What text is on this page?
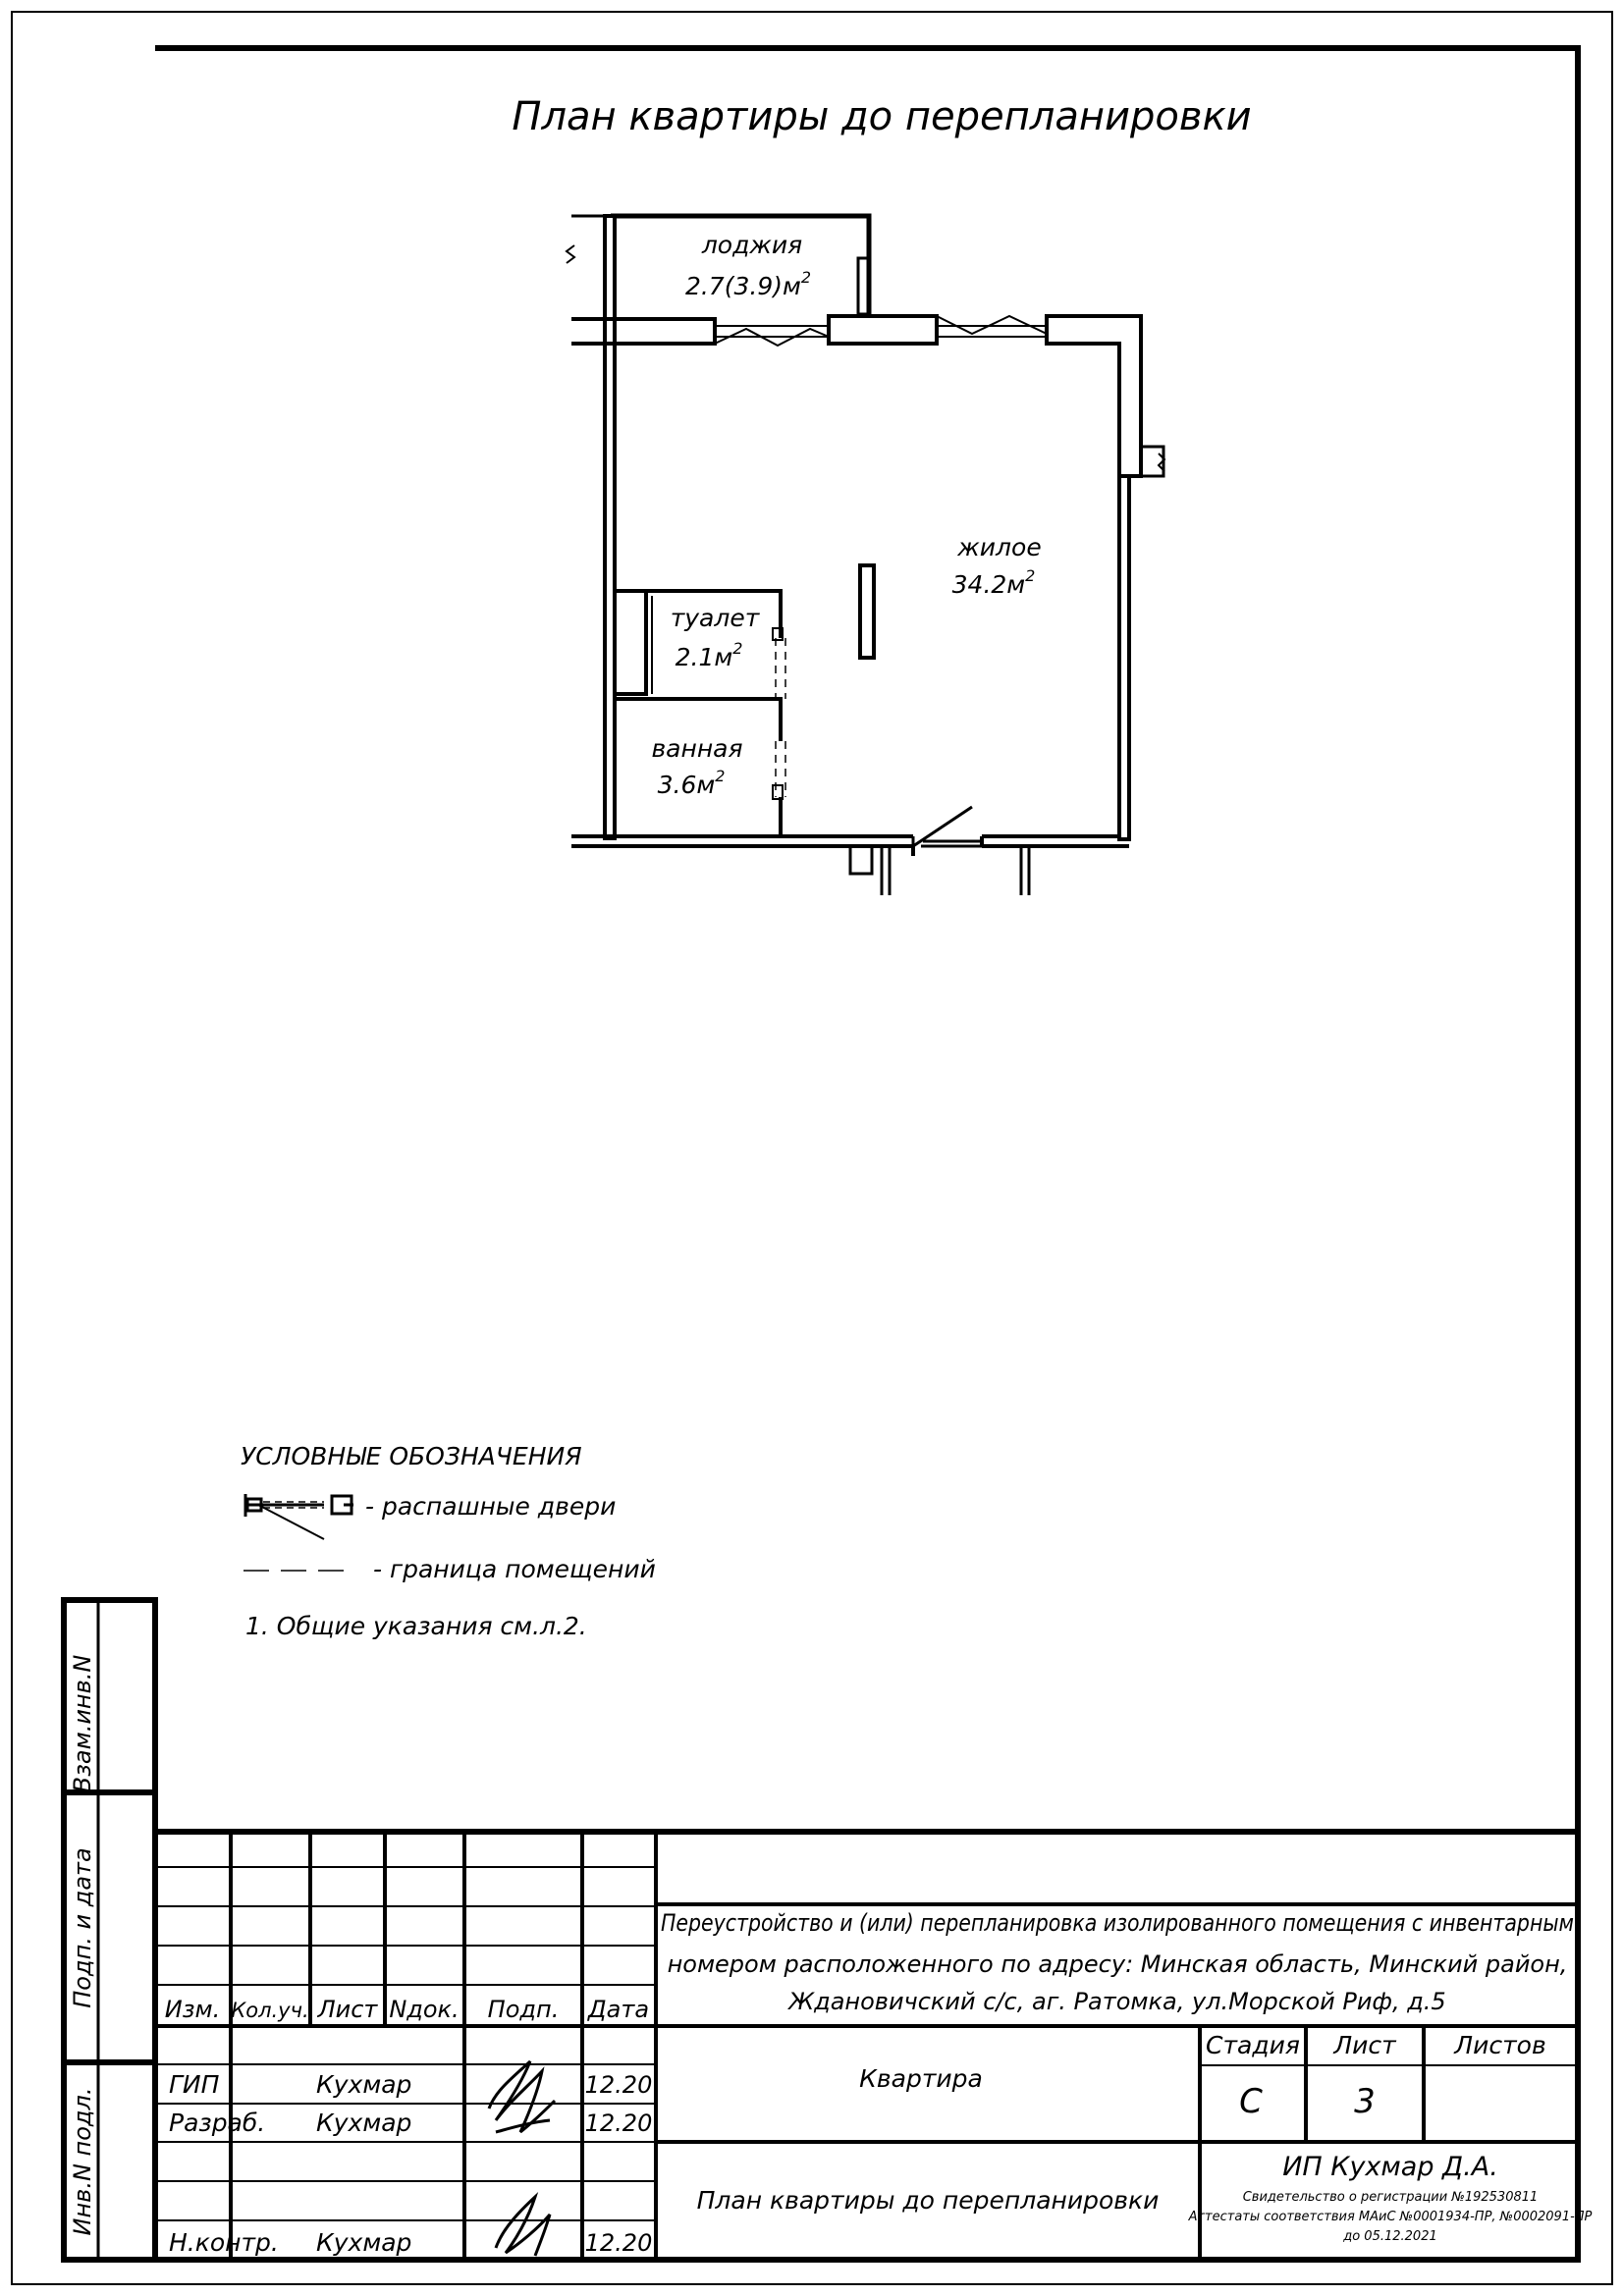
План квартиры до перепланировки
лоджия
$2.7(3.9)м^2$
жилое
$34.2м^2$
туалет
$2.1м^2$
ванная
$3.6м^2$
УСЛОВНЫЕ ОБОЗНАЧЕНИЯ
- распашные двери
- граница помещений
1. Общие указания см.л.2.
Взам.инв.N
Подп. и дата
Инв.N подл.
Изм. Кол.уч. Лист Nдок. Подп. Дата
ГИП	Кухмар	12.20
Разраб. Кухмар	12.20
Н.контр. Кухмар	12.20
Переустройство и (или) перепланировка изолированного помещения с инвентарным
номером расположенного по адресу: Минская область, Минский район,
Ждановичский с/с, аг. Ратомка, ул.Морской Риф, д.5
Квартира
Стадия Лист Листов
С	3
План квартиры до перепланировки
ИП Кухмар Д.А.
Свидетельство о регистрации №192530811
Аттестаты соответствия МАиС №0001934-ПР, №0002091-ПР
до 05.12.2021
